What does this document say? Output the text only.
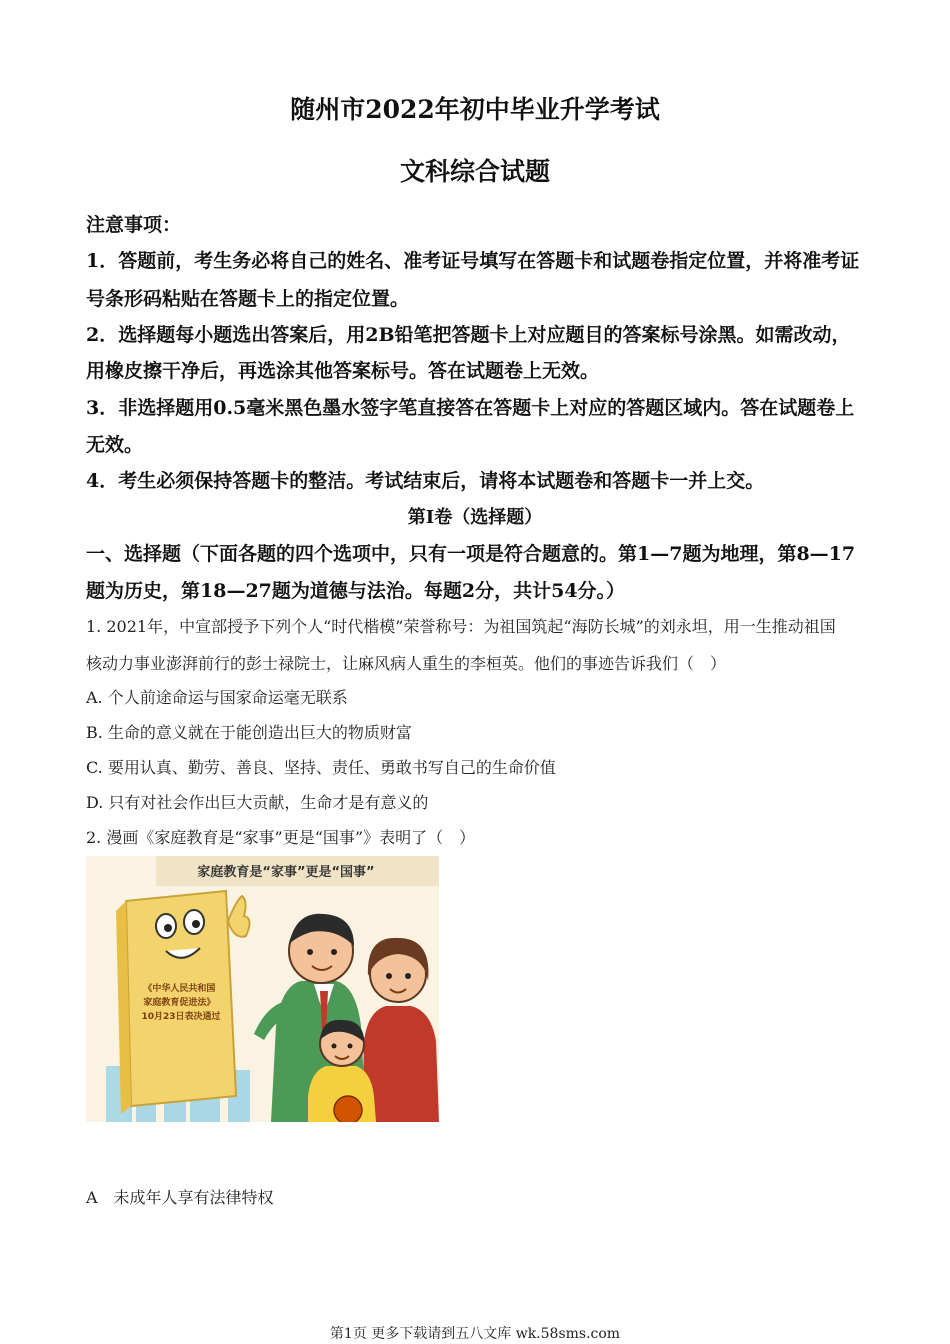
随州市2022年初中毕业升学考试
文科综合试题
注意事项：
1．答题前，考生务必将自己的姓名、准考证号填写在答题卡和试题卷指定位置，并将准考证
号条形码粘贴在答题卡上的指定位置。
2．选择题每小题选出答案后，用2B铅笔把答题卡上对应题目的答案标号涂黑。如需改动，
用橡皮擦干净后，再选涂其他答案标号。答在试题卷上无效。
3．非选择题用0.5毫米黑色墨水签字笔直接答在答题卡上对应的答题区域内。答在试题卷上
无效。
4．考生必须保持答题卡的整洁。考试结束后，请将本试题卷和答题卡一并上交。
第I卷（选择题）
一、选择题（下面各题的四个选项中，只有一项是符合题意的。第1—7题为地理，第8—17
题为历史，第18—27题为道德与法治。每题2分，共计54分。）
1. 2021年，中宣部授予下列个人“时代楷模”荣誉称号：为祖国筑起“海防长城”的刘永坦，用一生推动祖国
核动力事业澎湃前行的彭士禄院士，让麻风病人重生的李桓英。他们的事迹告诉我们（　）
A. 个人前途命运与国家命运毫无联系
B. 生命的意义就在于能创造出巨大的物质财富
C. 要用认真、勤劳、善良、坚持、责任、勇敢书写自己的生命价值
D. 只有对社会作出巨大贡献，生命才是有意义的
2. 漫画《家庭教育是“家事”更是“国事”》表明了（　）
家庭教育是“家事”更是“国事”
《中华人民共和国 家庭教育促进法》 10月23日表决通过
A　未成年人享有法律特权
第1页 更多下载请到五八文库 wk.58sms.com
